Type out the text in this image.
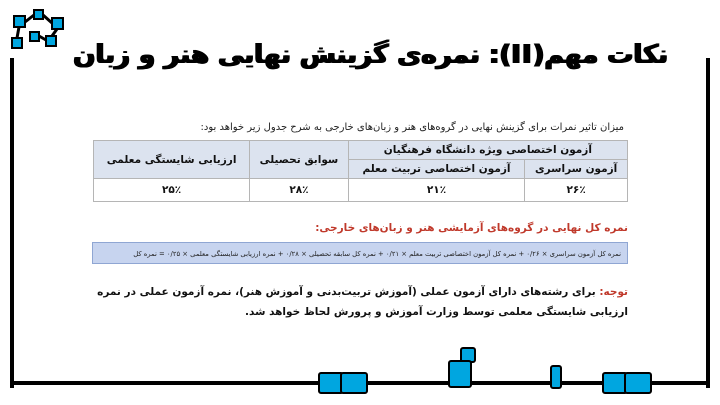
نکات مهم(II): نمره‌ی گزینش نهایی هنر و زبان
میزان تاثیر نمرات برای گزینش نهایی در گروه‌های هنر و زبان‌های خارجی به شرح جدول زیر خواهد بود:
آزمون اختصاصی ویژه دانشگاه فرهنگیان		سوابق تحصیلی	ارزیابی شایستگی معلمی
آزمون سراسری	آزمون اختصاصی تربیت معلم		
۲۶٪	۲۱٪	۲۸٪	۲۵٪
نمره کل نهایی در گروه‌های آزمایشی هنر و زبان‌های خارجی:
نمره کل آزمون سراسری × ۰/۲۶ + نمره کل آزمون اختصاصی تربیت معلم × ۰/۲۱ + نمره کل سابقه تحصیلی × ۰/۲۸ + نمره ارزیابی شایستگی معلمی × ۰/۲۵ = نمره کل

توجه: برای رشته‌های دارای آزمون عملی (آموزش تربیت‌بدنی و آموزش هنر)، نمره آزمون عملی در نمره ارزیابی شایستگی معلمی توسط وزارت آموزش و پرورش لحاظ خواهد شد.
